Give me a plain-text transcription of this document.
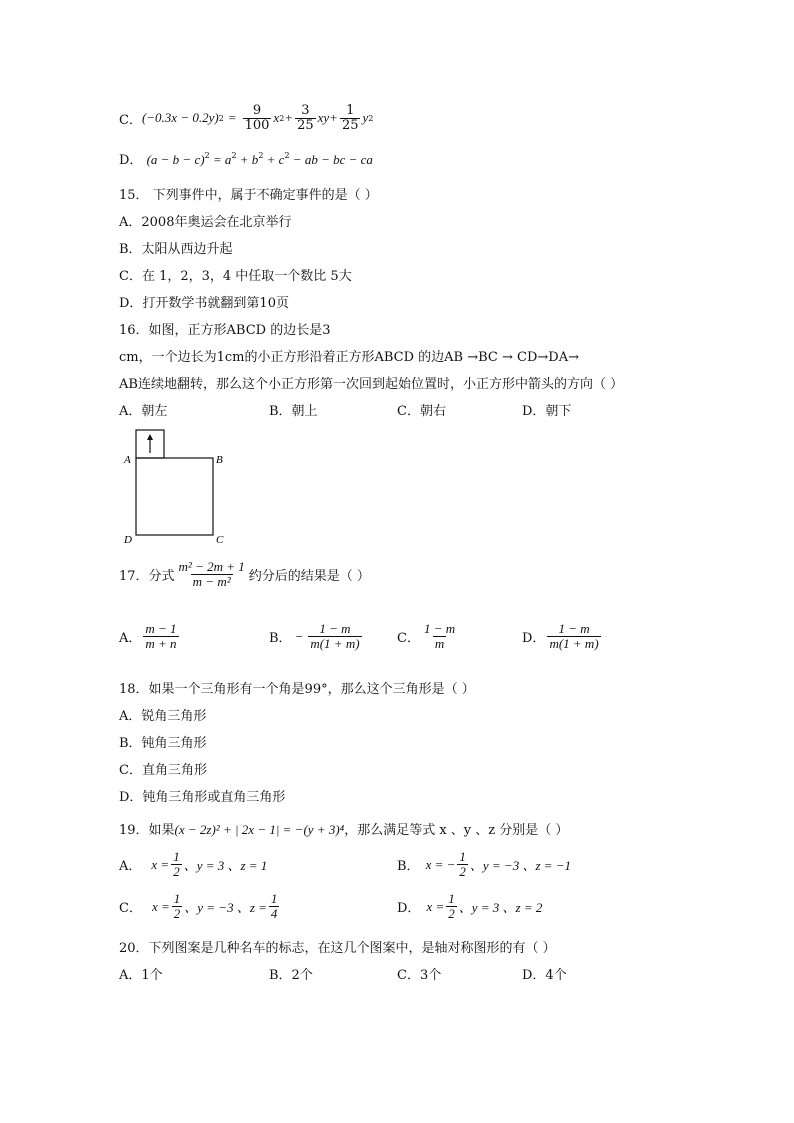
C． (−0.3x − 0.2y) $2 = \frac{9}{100}$ x $2 + \frac{3}{25}$ xy + $\frac{1}{25}$ y 2
D． $(a - b - c)^2 = a^2 + b^2 + c^2$ − ab − bc − ca
15． 下列事件中，属于不确定事件的是（ ）
A．2008年奥运会在北京举行
B．太阳从西边升起
C．在 1，2，3，4 中任取一个数比 5大
D．打开数学书就翻到第10页
16．如图，正方形ABCD 的边长是3
cm，一个边长为1cm的小正方形沿着正方形ABCD 的边AB →BC → CD→DA→
AB连续地翻转，那么这个小正方形第一次回到起始位置时，小正方形中箭头的方向（ ）
A．朝左	B．朝上	C．朝右	D．朝下
A	B
C
D
17．分式 $\frac{\text{m² − 2m + 1}}{\text{m − m²}}$ 约分后的结果是（ ）
A． $\frac{m - 1}{m + n}$	B． − $\frac{1 - m}{m(1 + m)}$	C． $\frac{1 - m}{m}$	D． $\frac{1 - m}{m(1 + m)}$
18．如果一个三角形有一个角是99°，那么这个三角形是（ ）
A．锐角三角形
B．钝角三角形
C．直角三角形
D．钝角三角形或直角三角形
19．如果(x − 2z)² + | 2x − 1| = −(y + 3)⁴，那么满足等式 x 、y 、z 分别是（ ）
A． $x = \frac{1}{2}$ 、y = 3 、z = 1	B． x = − $\frac{1}{2}$ 、y = −3 、z = −1
C． $x = \frac{1}{2}$ 、y = −3 、$z = \frac{1}{4}$	D． $x = \frac{1}{2}$ 、y = 3 、z = 2
20．下列图案是几种名车的标志，在这几个图案中，是轴对称图形的有（ ）
A．1个	B．2个	C．3个	D．4个
